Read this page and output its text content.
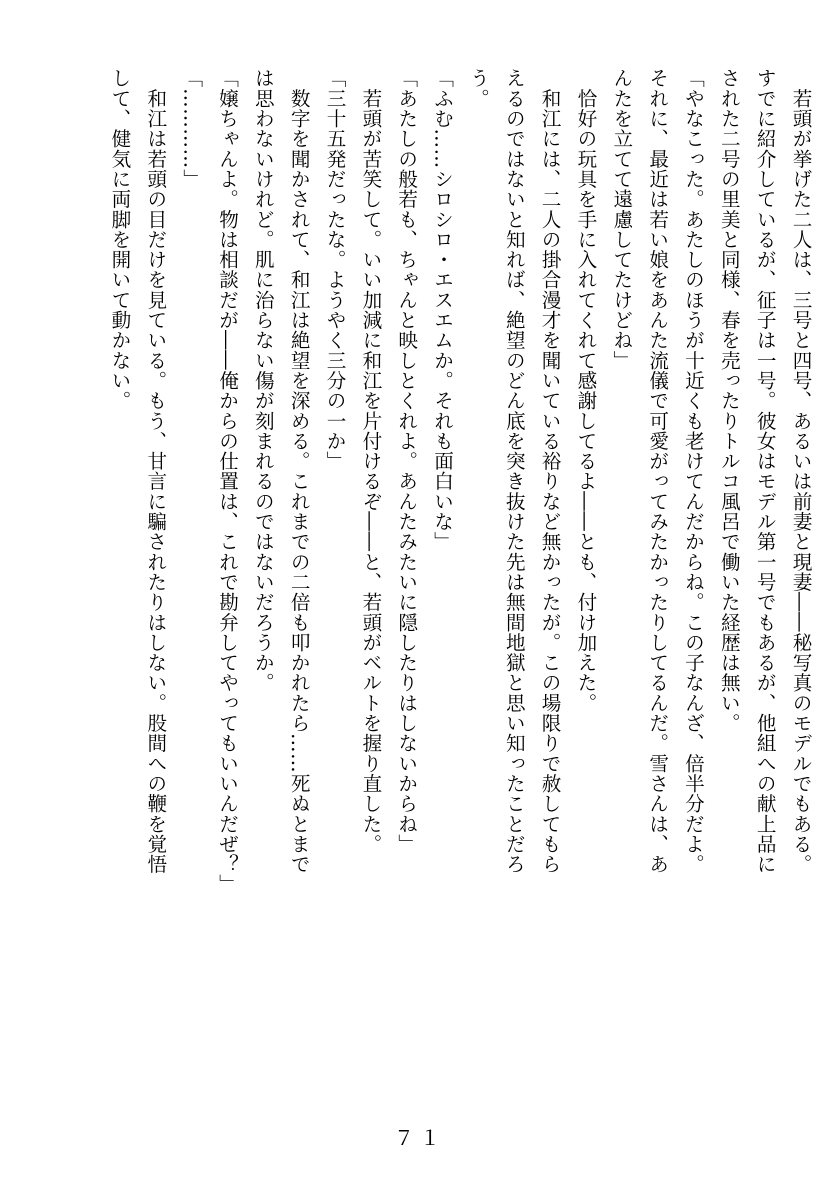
　若頭が挙げた二人は、三号と四号、あるいは前妻と現妻――秘写真のモデルでもある。

すでに紹介しているが、征子は一号。彼女はモデル第一号でもあるが、他組への献上品に

された二号の里美と同様、春を売ったりトルコ風呂で働いた経歴は無い。

「やなこった。あたしのほうが十近くも老けてんだからね。この子なんざ、倍半分だよ。

それに、最近は若い娘をあんた流儀で可愛がってみたかったりしてるんだ。雪さんは、あ

んたを立てて遠慮してたけどね」

　恰好の玩具を手に入れてくれて感謝してるよ――とも、付け加えた。

　和江には、二人の掛合漫才を聞いている裕りなど無かったが。この場限りで赦してもら

えるのではないと知れば、絶望のどん底を突き抜けた先は無間地獄と思い知ったことだろ

う。

「ふむ……シロシロ・エスエムか。それも面白いな」

「あたしの般若も、ちゃんと映しとくれよ。あんたみたいに隠したりはしないからね」

　若頭が苦笑して。いい加減に和江を片付けるぞ――と、若頭がベルトを握り直した。

「三十五発だったな。ようやく三分の一か」

　数字を聞かされて、和江は絶望を深める。これまでの二倍も叩かれたら……死ぬとまで

は思わないけれど。肌に治らない傷が刻まれるのではないだろうか。

「嬢ちゃんよ。物は相談だが――俺からの仕置は、これで勘弁してやってもいいんだぜ？」

「…………」

　和江は若頭の目だけを見ている。もう、甘言に騙されたりはしない。股間への鞭を覚悟

して、健気に両脚を開いて動かない。

７１
